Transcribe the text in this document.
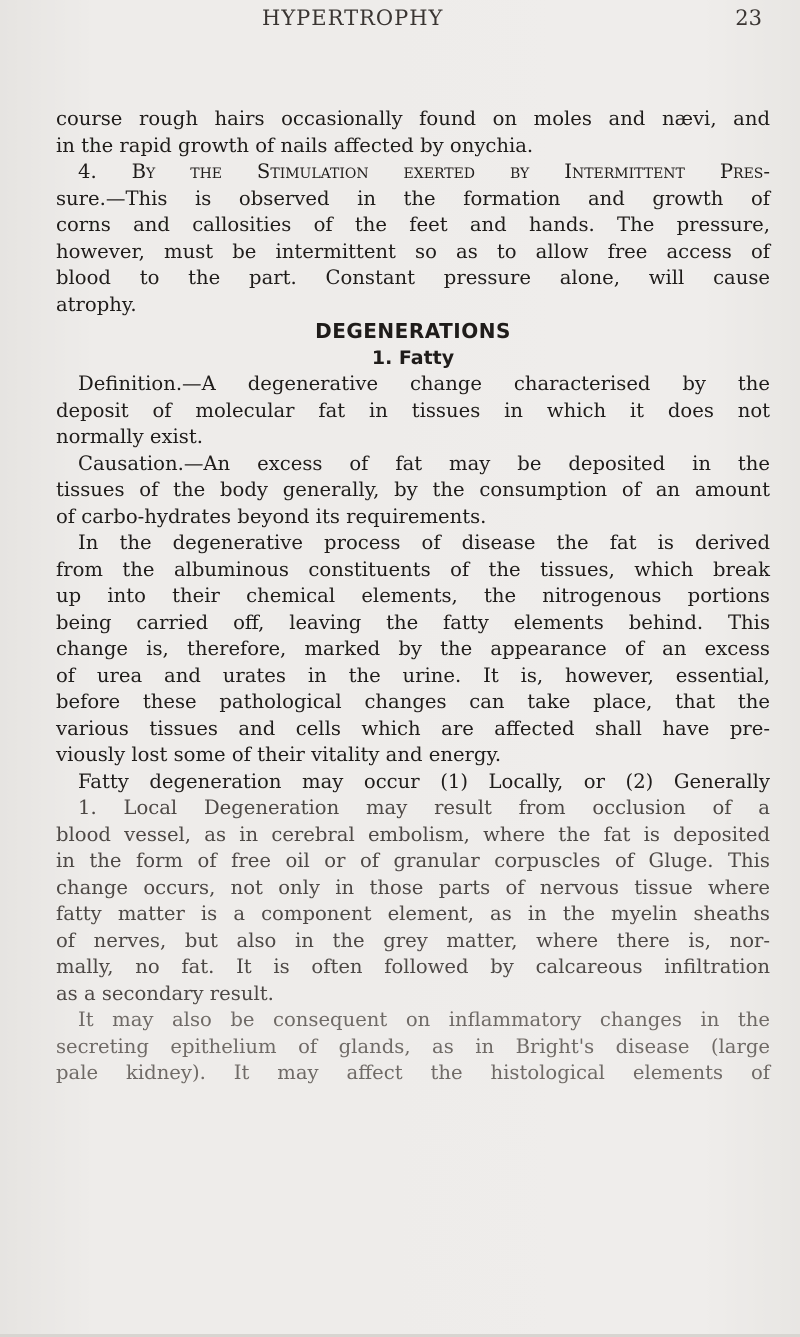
HYPERTROPHY	23
course rough hairs occasionally found on moles and nævi, and
in the rapid growth of nails affected by onychia.
4. By the Stimulation exerted by Intermittent Pres-
sure.—This is observed in the formation and growth of
corns and callosities of the feet and hands. The pressure,
however, must be intermittent so as to allow free access of
blood to the part. Constant pressure alone, will cause
atrophy.
DEGENERATIONS
1. Fatty
Definition.—A degenerative change characterised by the
deposit of molecular fat in tissues in which it does not
normally exist.
Causation.—An excess of fat may be deposited in the
tissues of the body generally, by the consumption of an amount
of carbo-hydrates beyond its requirements.
In the degenerative process of disease the fat is derived
from the albuminous constituents of the tissues, which break
up into their chemical elements, the nitrogenous portions
being carried off, leaving the fatty elements behind. This
change is, therefore, marked by the appearance of an excess
of urea and urates in the urine. It is, however, essential,
before these pathological changes can take place, that the
various tissues and cells which are affected shall have pre-
viously lost some of their vitality and energy.
Fatty degeneration may occur (1) Locally, or (2) Generally
1. Local Degeneration may result from occlusion of a
blood vessel, as in cerebral embolism, where the fat is deposited
in the form of free oil or of granular corpuscles of Gluge. This
change occurs, not only in those parts of nervous tissue where
fatty matter is a component element, as in the myelin sheaths
of nerves, but also in the grey matter, where there is, nor-
mally, no fat. It is often followed by calcareous infiltration
as a secondary result.
It may also be consequent on inflammatory changes in the
secreting epithelium of glands, as in Bright's disease (large
pale kidney). It may affect the histological elements of
